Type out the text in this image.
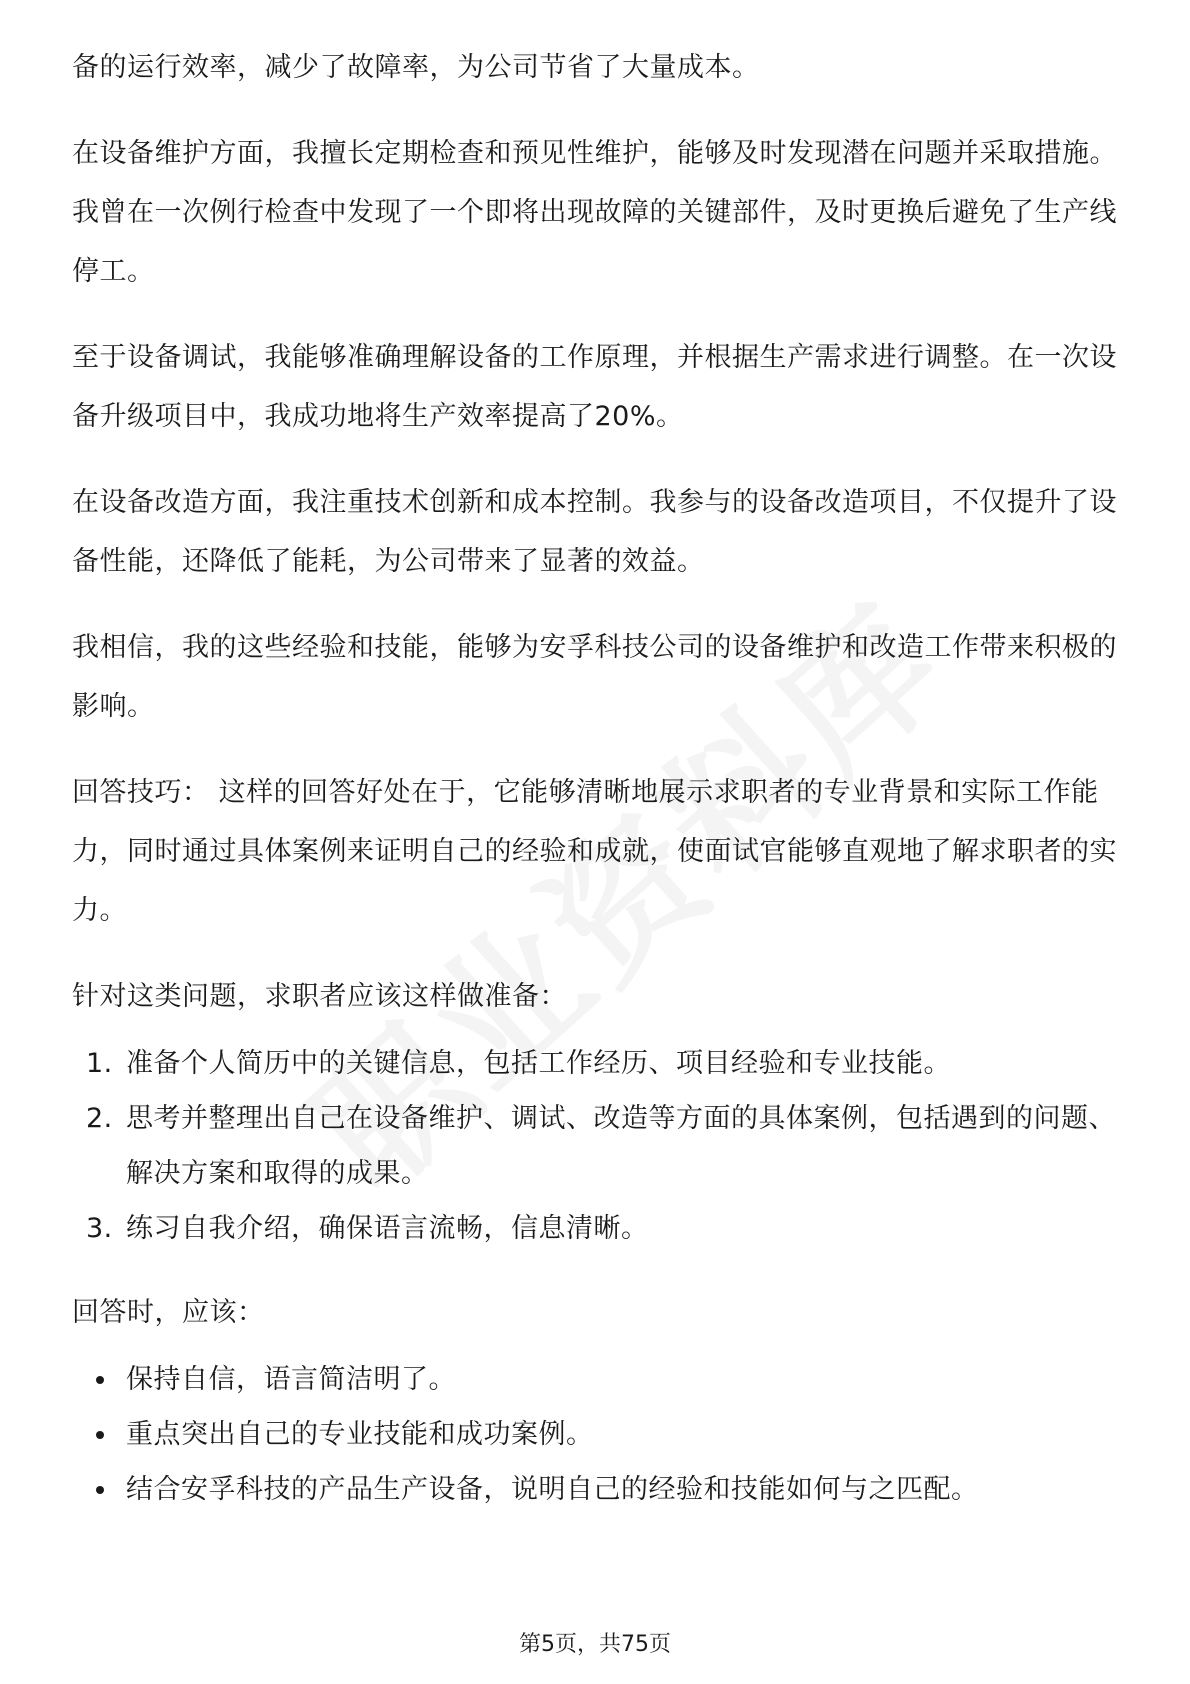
备的运行效率，减少了故障率，为公司节省了大量成本。

在设备维护方面，我擅长定期检查和预见性维护，能够及时发现潜在问题并采取措施。我曾在一次例行检查中发现了一个即将出现故障的关键部件，及时更换后避免了生产线停工。

至于设备调试，我能够准确理解设备的工作原理，并根据生产需求进行调整。在一次设备升级项目中，我成功地将生产效率提高了20%。

在设备改造方面，我注重技术创新和成本控制。我参与的设备改造项目，不仅提升了设备性能，还降低了能耗，为公司带来了显著的效益。

我相信，我的这些经验和技能，能够为安孚科技公司的设备维护和改造工作带来积极的影响。

回答技巧： 这样的回答好处在于，它能够清晰地展示求职者的专业背景和实际工作能力，同时通过具体案例来证明自己的经验和成就，使面试官能够直观地了解求职者的实力。

针对这类问题，求职者应该这样做准备：

1. 准备个人简历中的关键信息，包括工作经历、项目经验和专业技能。
2. 思考并整理出自己在设备维护、调试、改造等方面的具体案例，包括遇到的问题、解决方案和取得的成果。
3. 练习自我介绍，确保语言流畅，信息清晰。

回答时，应该：

保持自信，语言简洁明了。
重点突出自己的专业技能和成功案例。
结合安孚科技的产品生产设备，说明自己的经验和技能如何与之匹配。
第5页，共75页
